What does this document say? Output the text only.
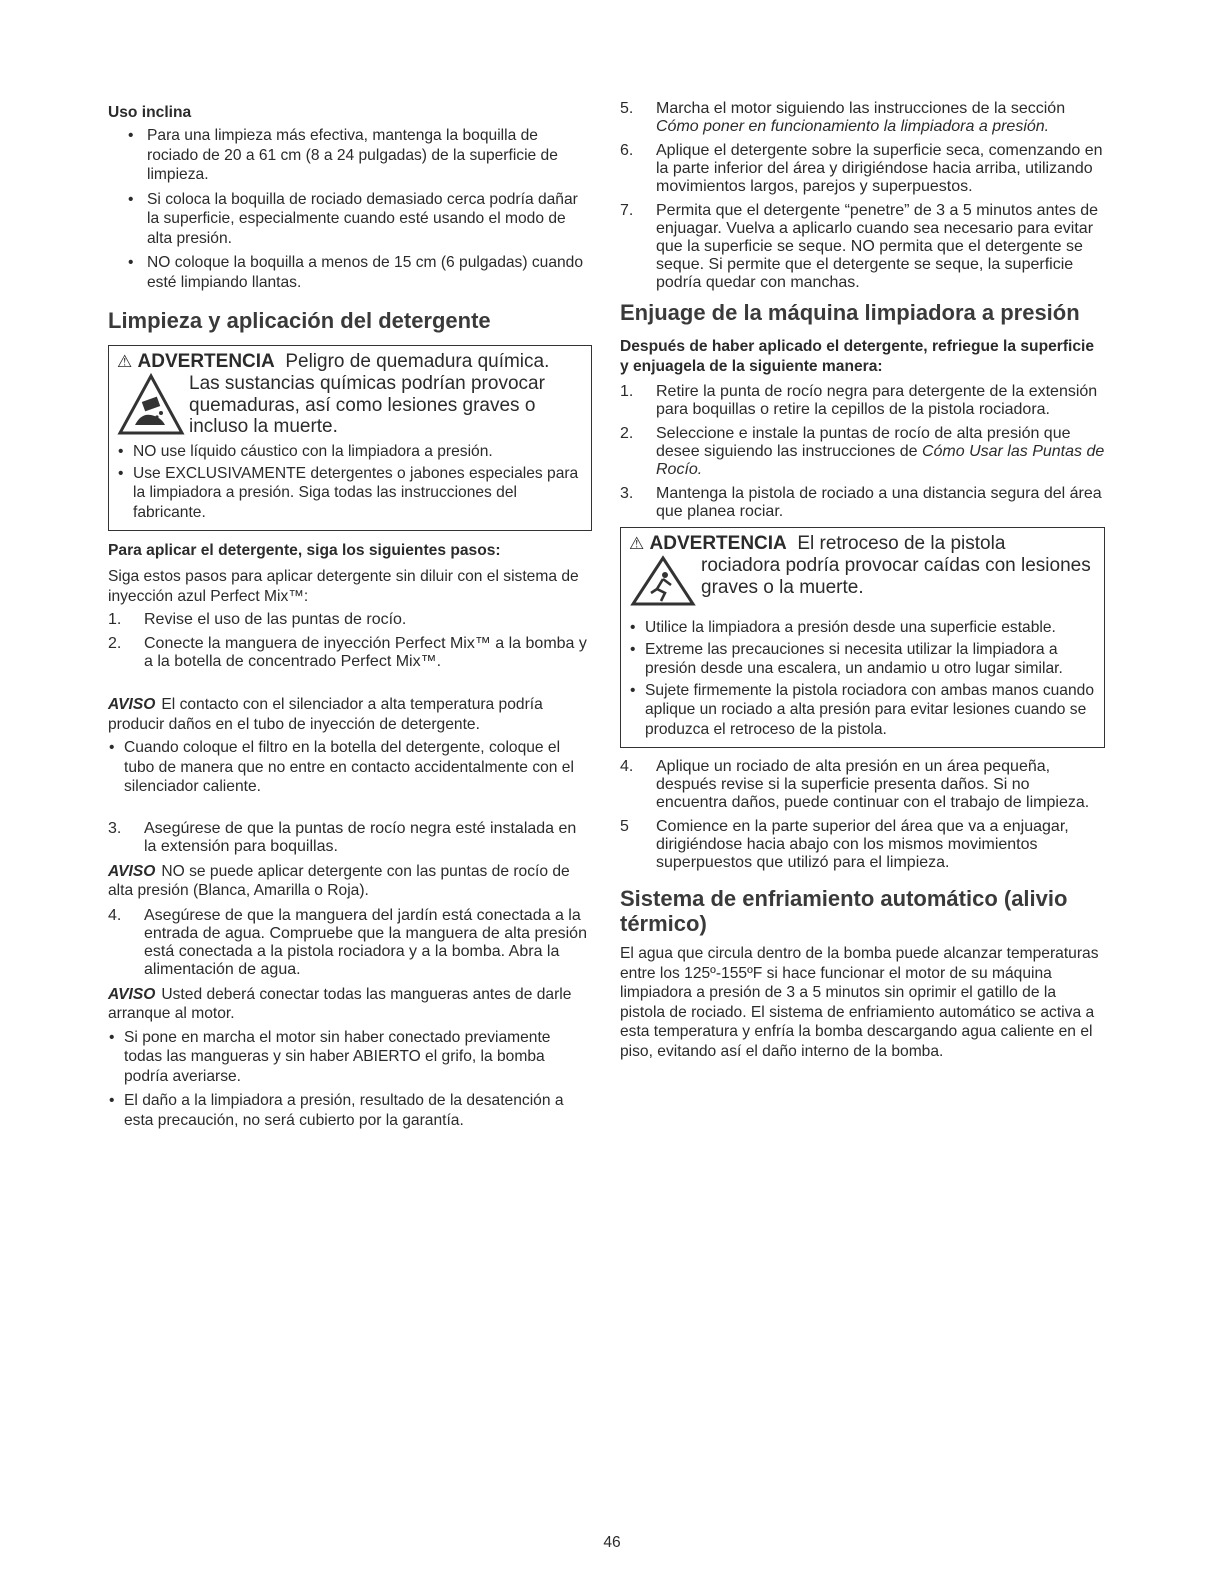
Uso inclina
• Para una limpieza más efectiva, mantenga la boquilla de rociado de 20 a 61 cm (8 a 24 pulgadas) de la superficie de limpieza.
• Si coloca la boquilla de rociado demasiado cerca podría dañar la superficie, especialmente cuando esté usando el modo de alta presión.
• NO coloque la boquilla a menos de 15 cm (6 pulgadas) cuando esté limpiando llantas.
Limpieza y aplicación del detergente
⚠ ADVERTENCIA Peligro de quemadura química.
Las sustancias químicas podrían provocar quemaduras, así como lesiones graves o incluso la muerte.
• NO use líquido cáustico con la limpiadora a presión.
• Use EXCLUSIVAMENTE detergentes o jabones especiales para la limpiadora a presión. Siga todas las instrucciones del fabricante.
Para aplicar el detergente, siga los siguientes pasos:

Siga estos pasos para aplicar detergente sin diluir con el sistema de inyección azul Perfect Mix™:

1. Revise el uso de las puntas de rocío.
2. Conecte la manguera de inyección Perfect Mix™ a la bomba y a la botella de concentrado Perfect Mix™.

AVISO El contacto con el silenciador a alta temperatura podría producir daños en el tubo de inyección de detergente.

• Cuando coloque el filtro en la botella del detergente, coloque el tubo de manera que no entre en contacto accidentalmente con el silenciador caliente.
3. Asegúrese de que la puntas de rocío negra esté instalada en la extensión para boquillas.

AVISO NO se puede aplicar detergente con las puntas de rocío de alta presión (Blanca, Amarilla o Roja).

4. Asegúrese de que la manguera del jardín está conectada a la entrada de agua. Compruebe que la manguera de alta presión está conectada a la pistola rociadora y a la bomba. Abra la alimentación de agua.

AVISO Usted deberá conectar todas las mangueras antes de darle arranque al motor.

• Si pone en marcha el motor sin haber conectado previamente todas las mangueras y sin haber ABIERTO el grifo, la bomba podría averiarse.
• El daño a la limpiadora a presión, resultado de la desatención a esta precaución, no será cubierto por la garantía.
5. Marcha el motor siguiendo las instrucciones de la sección Cómo poner en funcionamiento la limpiadora a presión.
6. Aplique el detergente sobre la superficie seca, comenzando en la parte inferior del área y dirigiéndose hacia arriba, utilizando movimientos largos, parejos y superpuestos.
7. Permita que el detergente “penetre” de 3 a 5 minutos antes de enjuagar. Vuelva a aplicarlo cuando sea necesario para evitar que la superficie se seque. NO permita que el detergente se seque. Si permite que el detergente se seque, la superficie podría quedar con manchas.
Enjuage de la máquina limpiadora a presión
Después de haber aplicado el detergente, refriegue la superficie y enjuagela de la siguiente manera:
1. Retire la punta de rocío negra para detergente de la extensión para boquillas o retire la cepillos de la pistola rociadora.
2. Seleccione e instale la puntas de rocío de alta presión que desee siguiendo las instrucciones de Cómo Usar las Puntas de Rocío.
3. Mantenga la pistola de rociado a una distancia segura del área que planea rociar.
⚠ ADVERTENCIA El retroceso de la pistola
rociadora podría provocar caídas con lesiones graves o la muerte.
• Utilice la limpiadora a presión desde una superficie estable.
• Extreme las precauciones si necesita utilizar la limpiadora a presión desde una escalera, un andamio u otro lugar similar.
• Sujete firmemente la pistola rociadora con ambas manos cuando aplique un rociado a alta presión para evitar lesiones cuando se produzca el retroceso de la pistola.
4. Aplique un rociado de alta presión en un área pequeña, después revise si la superficie presenta daños. Si no encuentra daños, puede continuar con el trabajo de limpieza.
5 Comience en la parte superior del área que va a enjuagar, dirigiéndose hacia abajo con los mismos movimientos superpuestos que utilizó para el limpieza.
Sistema de enfriamiento automático (alivio térmico)

El agua que circula dentro de la bomba puede alcanzar temperaturas entre los 125º-155ºF si hace funcionar el motor de su máquina limpiadora a presión de 3 a 5 minutos sin oprimir el gatillo de la pistola de rociado. El sistema de enfriamiento automático se activa a esta temperatura y enfría la bomba descargando agua caliente en el piso, evitando así el daño interno de la bomba.

46
